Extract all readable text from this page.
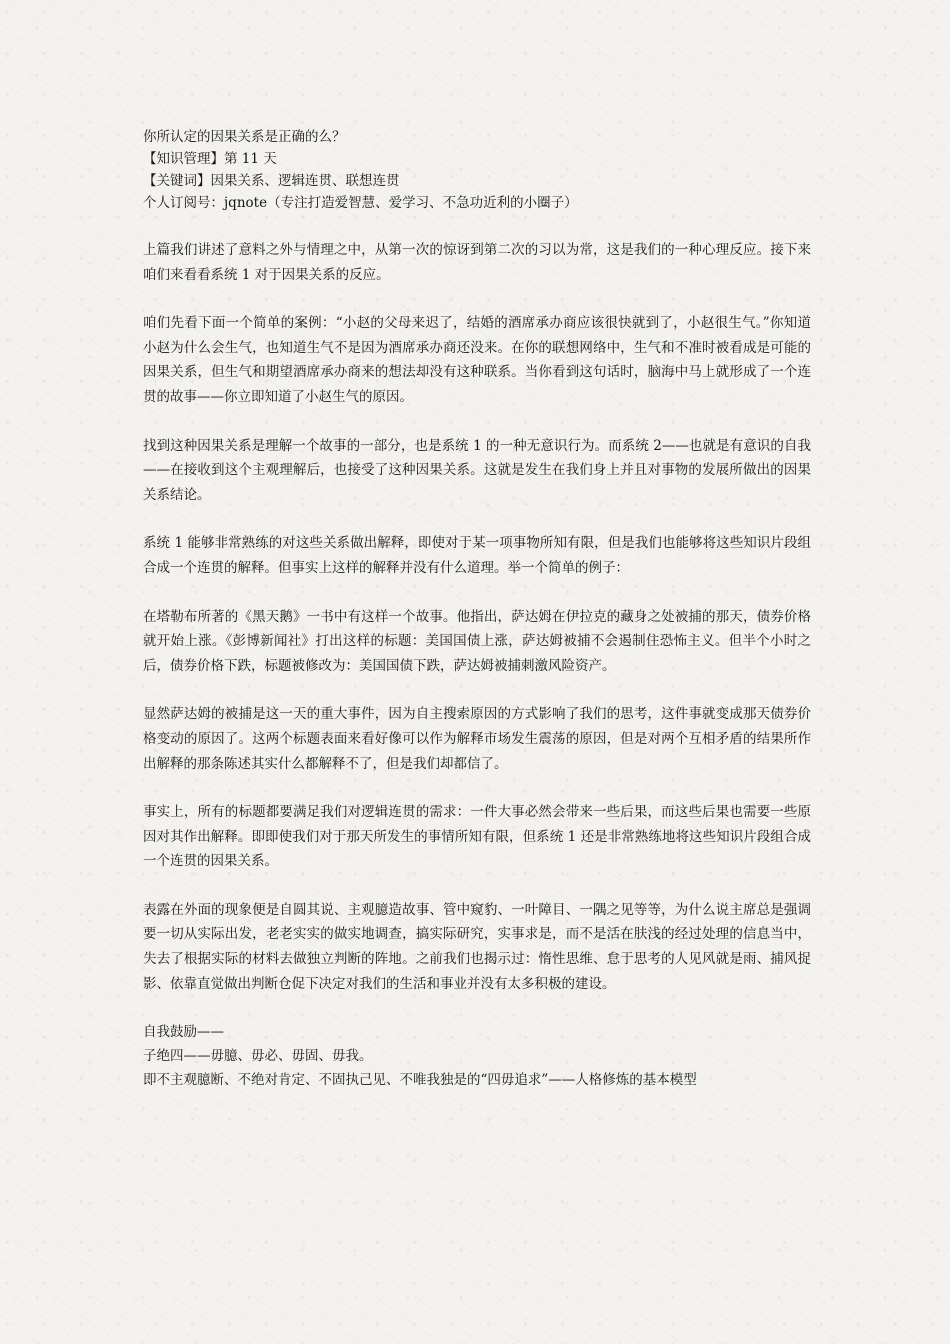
你所认定的因果关系是正确的么？

【知识管理】第 11 天

【关键词】因果关系、逻辑连贯、联想连贯

个人订阅号：jqnote（专注打造爱智慧、爱学习、不急功近利的小圈子）

上篇我们讲述了意料之外与情理之中，从第一次的惊讶到第二次的习以为常，这是我们的一种心理反应。接下来咱们来看看系统 1 对于因果关系的反应。

咱们先看下面一个简单的案例：“小赵的父母来迟了，结婚的酒席承办商应该很快就到了，小赵很生气。”你知道小赵为什么会生气，也知道生气不是因为酒席承办商还没来。在你的联想网络中，生气和不准时被看成是可能的因果关系，但生气和期望酒席承办商来的想法却没有这种联系。当你看到这句话时，脑海中马上就形成了一个连贯的故事——你立即知道了小赵生气的原因。

找到这种因果关系是理解一个故事的一部分，也是系统 1 的一种无意识行为。而系统 2——也就是有意识的自我——在接收到这个主观理解后，也接受了这种因果关系。这就是发生在我们身上并且对事物的发展所做出的因果关系结论。

系统 1 能够非常熟练的对这些关系做出解释，即使对于某一项事物所知有限，但是我们也能够将这些知识片段组合成一个连贯的解释。但事实上这样的解释并没有什么道理。举一个简单的例子：

在塔勒布所著的《黑天鹅》一书中有这样一个故事。他指出，萨达姆在伊拉克的藏身之处被捕的那天，债券价格就开始上涨。《彭博新闻社》打出这样的标题：美国国债上涨，萨达姆被捕不会遏制住恐怖主义。但半个小时之后，债券价格下跌，标题被修改为：美国国债下跌，萨达姆被捕刺激风险资产。

显然萨达姆的被捕是这一天的重大事件，因为自主搜索原因的方式影响了我们的思考，这件事就变成那天债券价格变动的原因了。这两个标题表面来看好像可以作为解释市场发生震荡的原因，但是对两个互相矛盾的结果所作出解释的那条陈述其实什么都解释不了，但是我们却都信了。

事实上，所有的标题都要满足我们对逻辑连贯的需求：一件大事必然会带来一些后果，而这些后果也需要一些原因对其作出解释。即即使我们对于那天所发生的事情所知有限，但系统 1 还是非常熟练地将这些知识片段组合成一个连贯的因果关系。

表露在外面的现象便是自圆其说、主观臆造故事、管中窥豹、一叶障目、一隅之见等等，为什么说主席总是强调要一切从实际出发，老老实实的做实地调查，搞实际研究，实事求是，而不是活在肤浅的经过处理的信息当中，失去了根据实际的材料去做独立判断的阵地。之前我们也揭示过：惰性思维、怠于思考的人见风就是雨、捕风捉影、依靠直觉做出判断仓促下决定对我们的生活和事业并没有太多积极的建设。

自我鼓励——

子绝四——毋臆、毋必、毋固、毋我。

即不主观臆断、不绝对肯定、不固执己见、不唯我独是的“四毋追求”——人格修炼的基本模型
